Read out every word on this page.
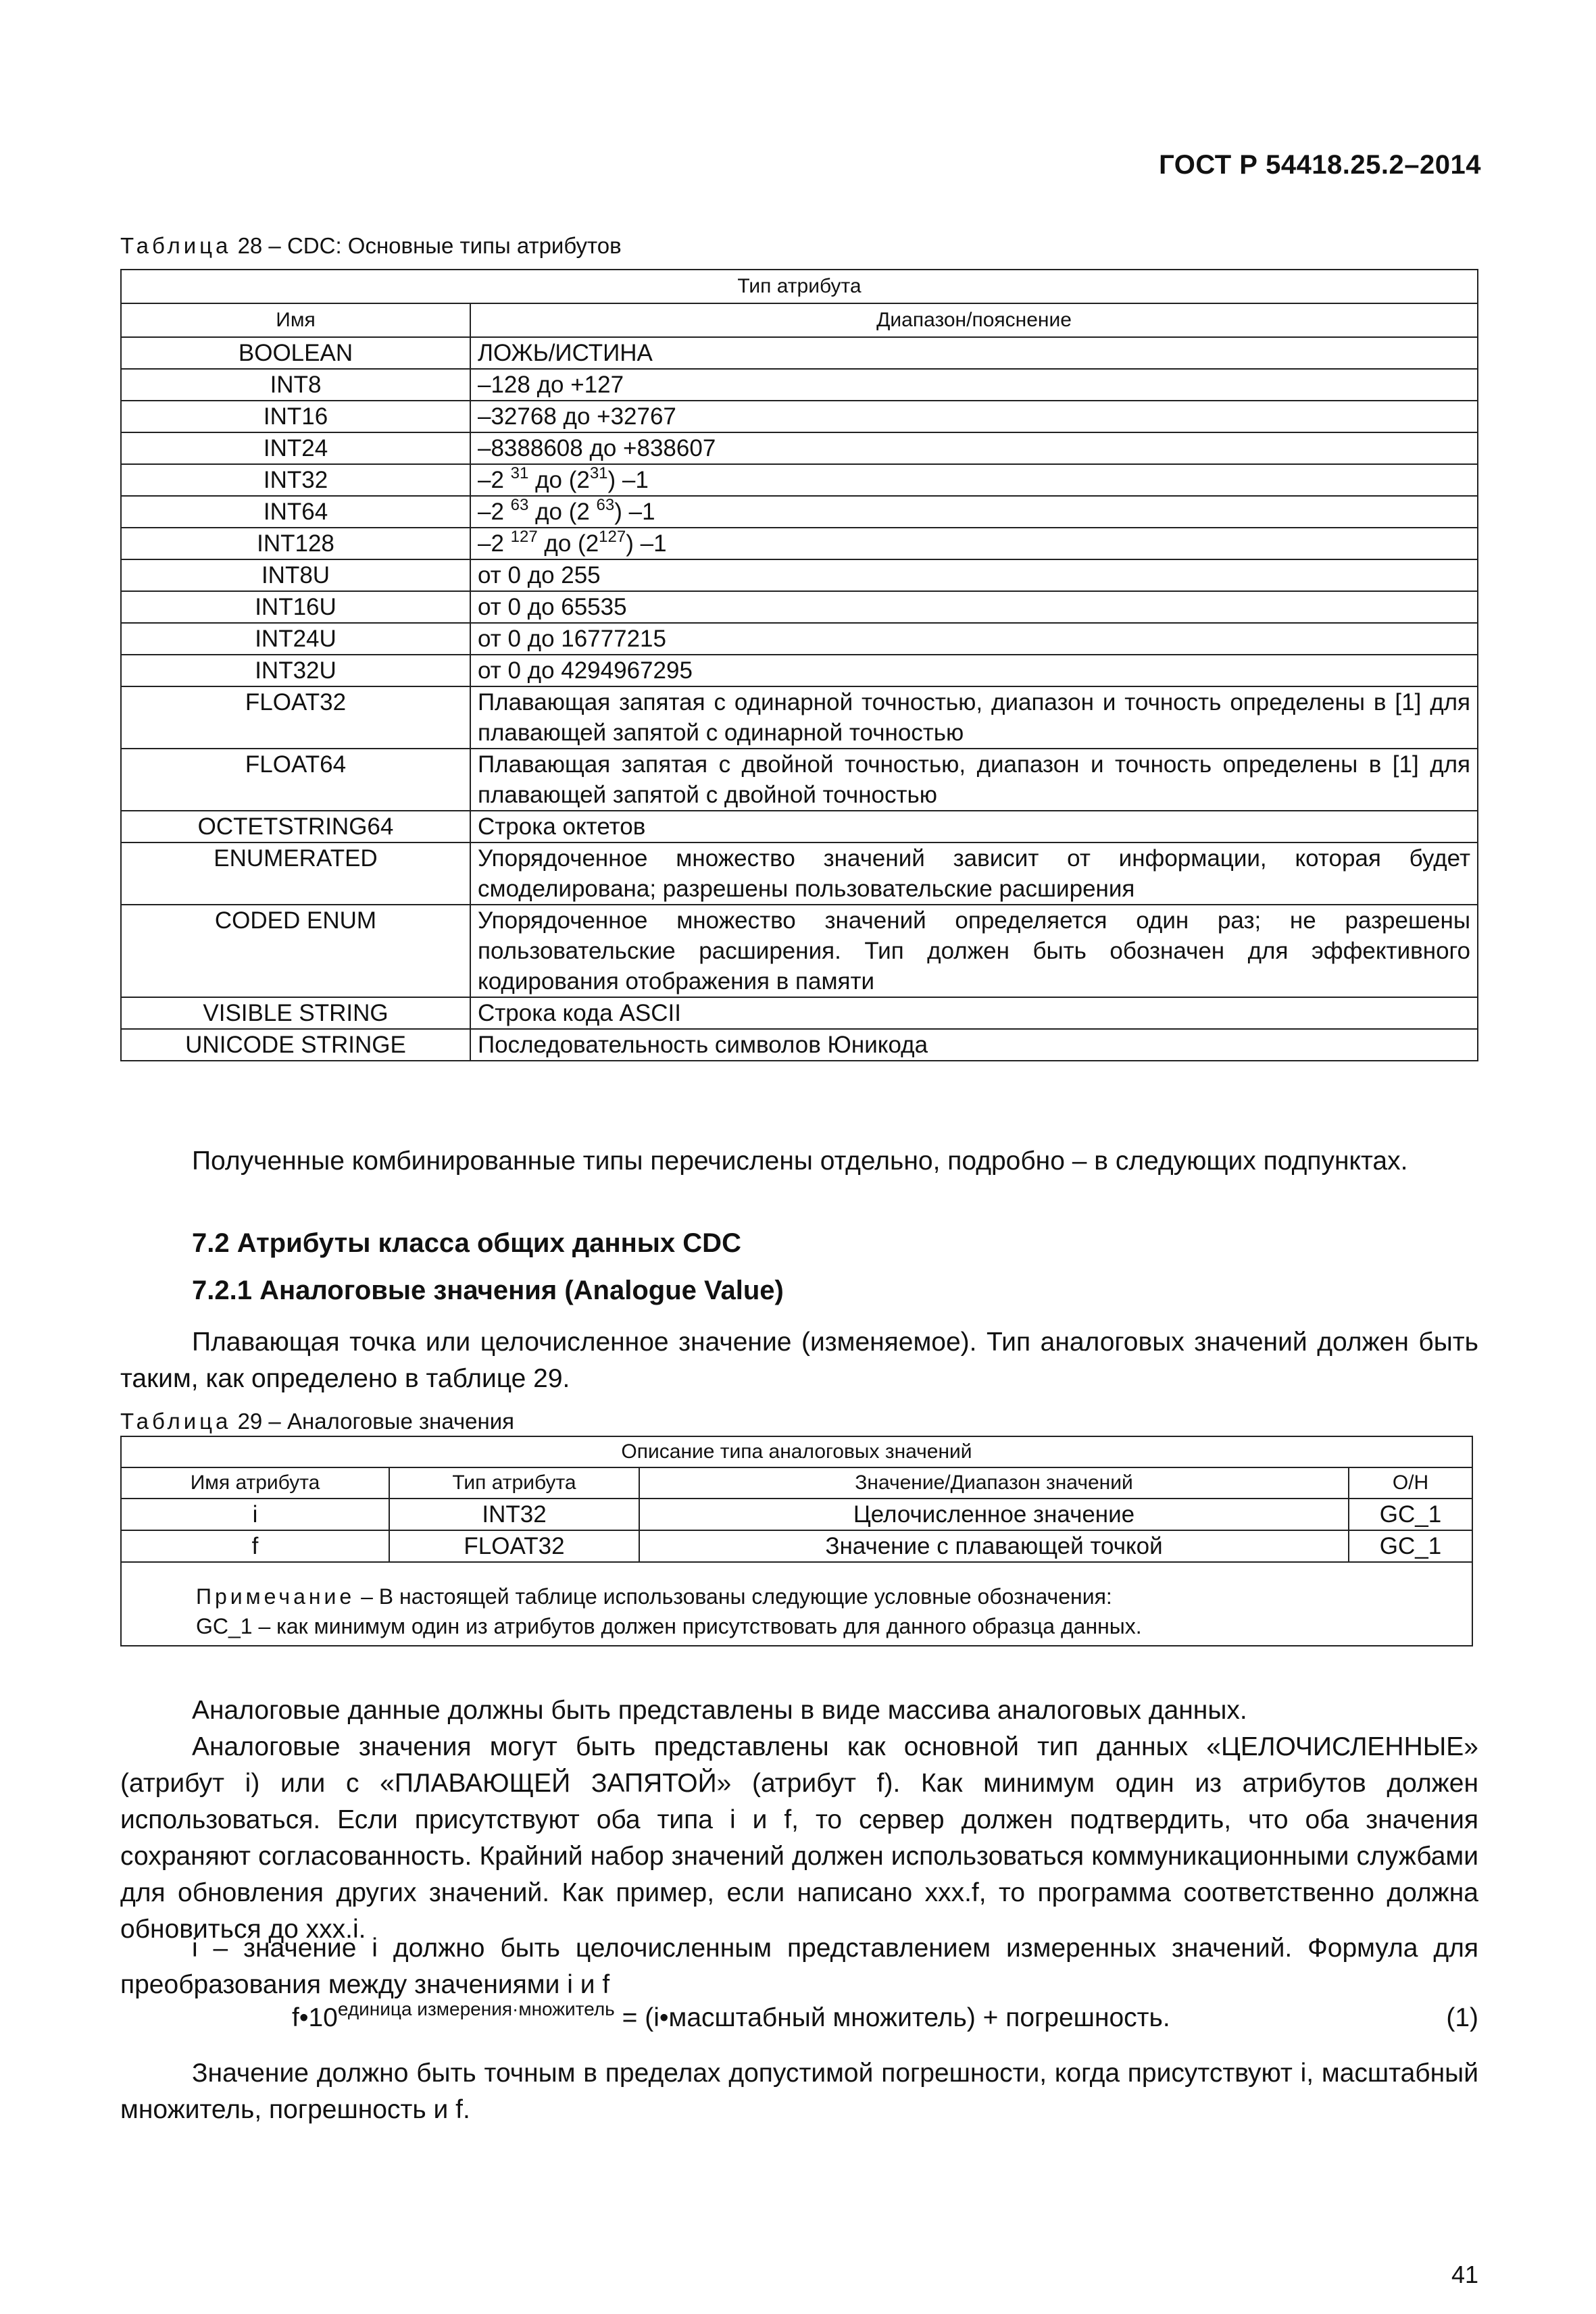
ГОСТ Р 54418.25.2–2014
Таблица 28 – CDC: Основные типы атрибутов
Тип атрибута	
Имя	Диапазон/пояснение
BOOLEAN	ЛОЖЬ/ИСТИНА
INT8	–128 до +127
INT16	–32768 до +32767
INT24	–8388608 до +838607
INT32	–2 $^{31}$ до $(2^{31})$ –1
INT64	–2 $^{63}$ до (2 $^{63}$) –1
INT128	–2 $^{127}$ до $(2^{127})$ –1
INT8U	от 0 до 255
INT16U	от 0 до 65535
INT24U	от 0 до 16777215
INT32U	от 0 до 4294967295
FLOAT32	Плавающая запятая с одинарной точностью, диапазон и точность определены в [1] для плавающей запятой с одинарной точностью
FLOAT64	Плавающая запятая с двойной точностью, диапазон и точность определены в [1] для плавающей запятой с двойной точностью
OCTETSTRING64	Строка октетов
ENUMERATED	Упорядоченное множество значений зависит от информации, которая будет смоделирована; разрешены пользовательские расширения
CODED ENUM	Упорядоченное множество значений определяется один раз; не разрешены пользовательские расширения. Тип должен быть обозначен для эффективного кодирования отображения в памяти
VISIBLE STRING	Строка кода ASCII
UNICODE STRINGE	Последовательность символов Юникода
Полученные комбинированные типы перечислены отдельно, подробно – в следующих подпунктах.
7.2 Атрибуты класса общих данных CDC
7.2.1 Аналоговые значения (Analogue Value)
Плавающая точка или целочисленное значение (изменяемое). Тип аналоговых значений должен быть таким, как определено в таблице 29.
Таблица 29 – Аналоговые значения
Описание типа аналоговых значений			
Имя атрибута	Тип атрибута	Значение/Диапазон значений	O/H
i	INT32	Целочисленное значение	GC_1
f	FLOAT32	Значение с плавающей точкой	GC_1

Примечание – В настоящей таблице использованы следующие условные обозначения:
GC_1 – как минимум один из атрибутов должен присутствовать для данного образца данных.			
Аналоговые данные должны быть представлены в виде массива аналоговых данных.
Аналоговые значения могут быть представлены как основной тип данных «ЦЕЛОЧИСЛЕННЫЕ» (атрибут i) или с «ПЛАВАЮЩЕЙ ЗАПЯТОЙ» (атрибут f). Как минимум один из атрибутов должен использоваться. Если присутствуют оба типа i и f, то сервер должен подтвердить, что оба значения сохраняют согласованность. Крайний набор значений должен использоваться коммуникационными службами для обновления других значений. Как пример, если написано xxx.f, то программа соответственно должна обновиться до xxx.i.
i – значение i должно быть целочисленным представлением измеренных значений. Формула для преобразования между значениями i и f
$f•10^{единица измерения\cdot множитель}$ = (i•масштабный множитель) + погрешность.	(1)
Значение должно быть точным в пределах допустимой погрешности, когда присутствуют i, масштабный множитель, погрешность и f.
41
